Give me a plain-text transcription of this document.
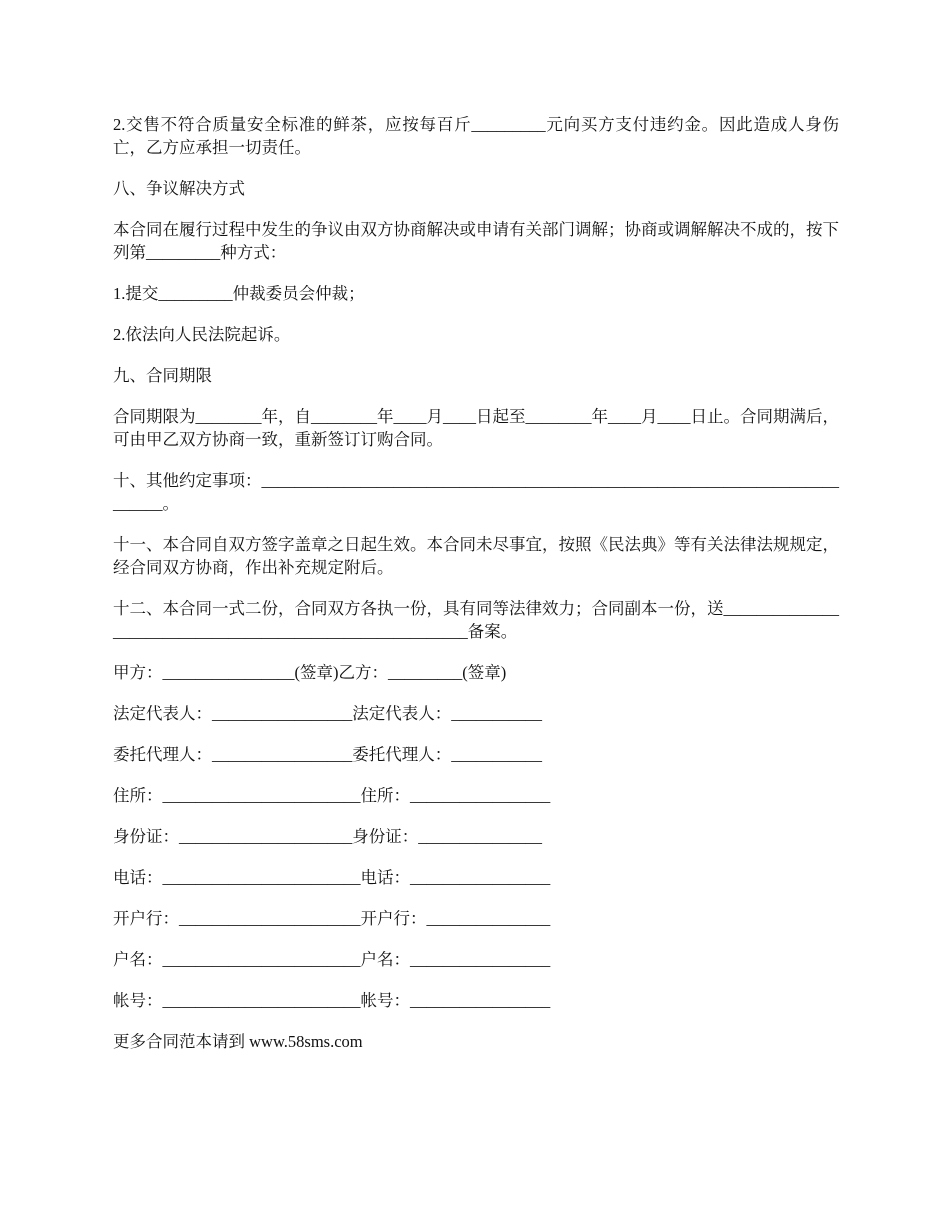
2.交售不符合质量安全标准的鲜茶，应按每百斤_________元向买方支付违约金。因此造成人身伤亡，乙方应承担一切责任。

八、争议解决方式

本合同在履行过程中发生的争议由双方协商解决或申请有关部门调解；协商或调解解决不成的，按下列第_________种方式：

1.提交_________仲裁委员会仲裁；

2.依法向人民法院起诉。

九、合同期限

合同期限为________年，自________年____月____日起至________年____月____日止。合同期满后，可由甲乙双方协商一致，重新签订订购合同。

十、其他约定事项：____________________________________________________________________________。

十一、本合同自双方签字盖章之日起生效。本合同未尽事宜，按照《民法典》等有关法律法规规定，经合同双方协商，作出补充规定附后。

十二、本合同一式二份，合同双方各执一份，具有同等法律效力；合同副本一份，送_________________________________________________________备案。

甲方：________________(签章)乙方：_________(签章)
法定代表人：_________________法定代表人：___________
委托代理人：_________________委托代理人：___________
住所：________________________住所：_________________
身份证：_____________________身份证：_______________
电话：________________________电话：_________________
开户行：______________________开户行：_______________
户名：________________________户名：_________________
帐号：________________________帐号：_________________

更多合同范本请到 www.58sms.com
